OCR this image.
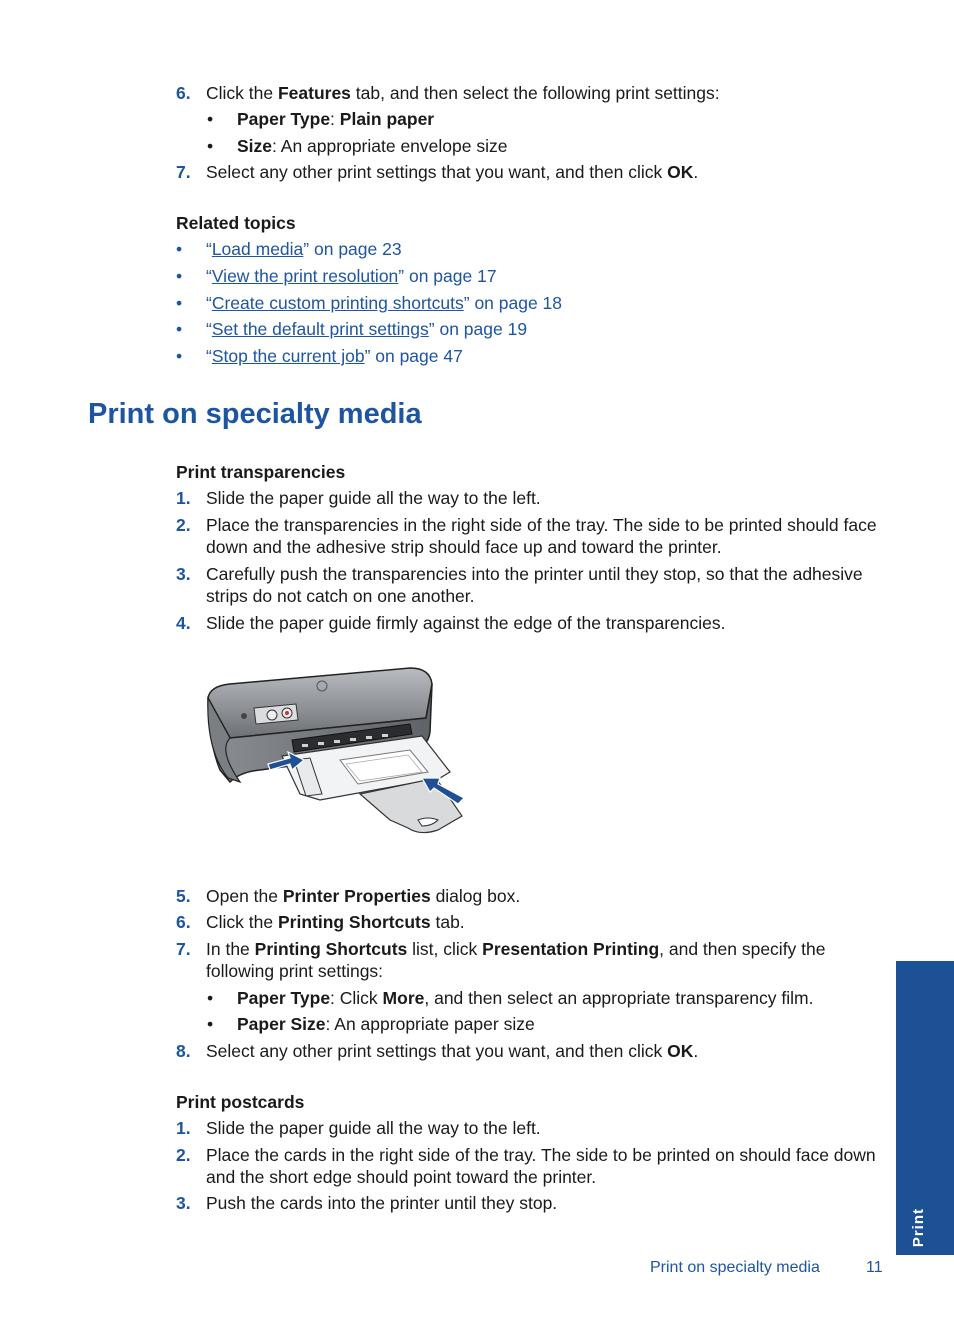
6. Click the Features tab, and then select the following print settings:
• Paper Type: Plain paper
• Size: An appropriate envelope size
7. Select any other print settings that you want, and then click OK.
Related topics
• “Load media” on page 23
• “View the print resolution” on page 17
• “Create custom printing shortcuts” on page 18
• “Set the default print settings” on page 19
• “Stop the current job” on page 47
Print on specialty media
Print transparencies
1. Slide the paper guide all the way to the left.
2. Place the transparencies in the right side of the tray. The side to be printed should face down and the adhesive strip should face up and toward the printer.
3. Carefully push the transparencies into the printer until they stop, so that the adhesive strips do not catch on one another.
4. Slide the paper guide firmly against the edge of the transparencies.
5. Open the Printer Properties dialog box.
6. Click the Printing Shortcuts tab.
7. In the Printing Shortcuts list, click Presentation Printing, and then specify the following print settings:
• Paper Type: Click More, and then select an appropriate transparency film.
• Paper Size: An appropriate paper size
8. Select any other print settings that you want, and then click OK.
Print postcards
1. Slide the paper guide all the way to the left.
2. Place the cards in the right side of the tray. The side to be printed on should face down and the short edge should point toward the printer.
3. Push the cards into the printer until they stop.
Print
Print on specialty media	11
